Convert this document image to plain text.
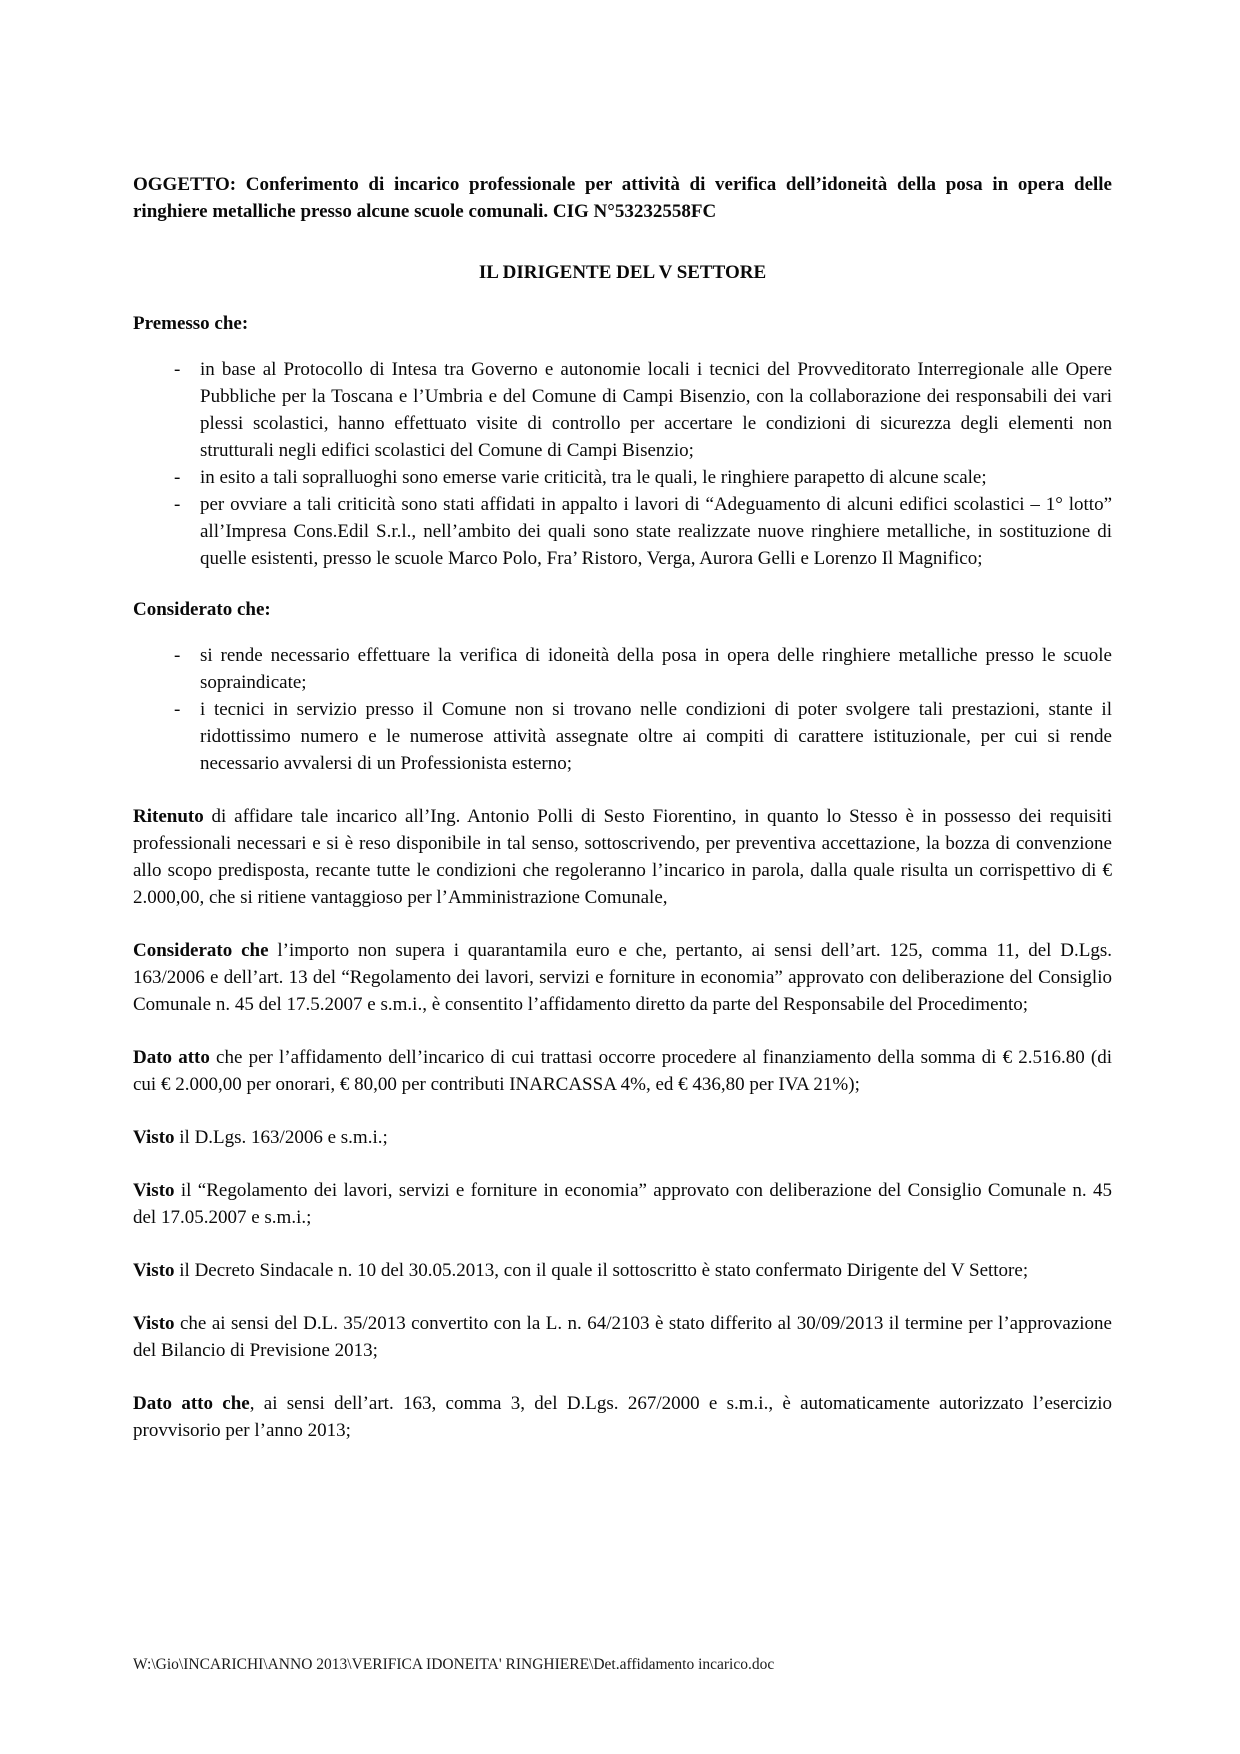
OGGETTO: Conferimento di incarico professionale per attività di verifica dell’idoneità della posa in opera delle ringhiere metalliche presso alcune scuole comunali. CIG N°53232558FC

IL DIRIGENTE DEL V SETTORE

Premesso che:

-	in base al Protocollo di Intesa tra Governo e autonomie locali i tecnici del Provveditorato Interregionale alle Opere Pubbliche per la Toscana e l’Umbria e del Comune di Campi Bisenzio, con la collaborazione dei responsabili dei vari plessi scolastici, hanno effettuato visite di controllo per accertare le condizioni di sicurezza degli elementi non strutturali negli edifici scolastici del Comune di Campi Bisenzio;
-	in esito a tali sopralluoghi sono emerse varie criticità, tra le quali, le ringhiere parapetto di alcune scale;
-	per ovviare a tali criticità sono stati affidati in appalto i lavori di “Adeguamento di alcuni edifici scolastici – 1° lotto” all’Impresa Cons.Edil S.r.l., nell’ambito dei quali sono state realizzate nuove ringhiere metalliche, in sostituzione di quelle esistenti, presso le scuole Marco Polo, Fra’ Ristoro, Verga, Aurora Gelli e Lorenzo Il Magnifico;

Considerato che:

-	si rende necessario effettuare la verifica di idoneità della posa in opera delle ringhiere metalliche presso le scuole sopraindicate;
-	i tecnici in servizio presso il Comune non si trovano nelle condizioni di poter svolgere tali prestazioni, stante il ridottissimo numero e le numerose attività assegnate oltre ai compiti di carattere istituzionale, per cui si rende necessario avvalersi di un Professionista esterno;

Ritenuto di affidare tale incarico all’Ing. Antonio Polli di Sesto Fiorentino, in quanto lo Stesso è in possesso dei requisiti professionali necessari e si è reso disponibile in tal senso, sottoscrivendo, per preventiva accettazione, la bozza di convenzione allo scopo predisposta, recante tutte le condizioni che regoleranno l’incarico in parola, dalla quale risulta un corrispettivo di € 2.000,00, che si ritiene vantaggioso per l’Amministrazione Comunale,

Considerato che l’importo non supera i quarantamila euro e che, pertanto, ai sensi dell’art. 125, comma 11, del D.Lgs. 163/2006 e dell’art. 13 del “Regolamento dei lavori, servizi e forniture in economia” approvato con deliberazione del Consiglio Comunale n. 45 del 17.5.2007 e s.m.i., è consentito l’affidamento diretto da parte del Responsabile del Procedimento;

Dato atto che per l’affidamento dell’incarico di cui trattasi occorre procedere al finanziamento della somma di € 2.516.80 (di cui € 2.000,00 per onorari, € 80,00 per contributi INARCASSA 4%, ed € 436,80 per IVA 21%);

Visto il D.Lgs. 163/2006 e s.m.i.;

Visto il “Regolamento dei lavori, servizi e forniture in economia” approvato con deliberazione del Consiglio Comunale n. 45 del 17.05.2007 e s.m.i.;

Visto il Decreto Sindacale n. 10 del 30.05.2013, con il quale il sottoscritto è stato confermato Dirigente del V Settore;

Visto che ai sensi del D.L. 35/2013 convertito con la L. n. 64/2103 è stato differito al 30/09/2013 il termine per l’approvazione del Bilancio di Previsione 2013;

Dato atto che, ai sensi dell’art. 163, comma 3, del D.Lgs. 267/2000 e s.m.i., è automaticamente autorizzato l’esercizio provvisorio per l’anno 2013;

W:\Gio\INCARICHI\ANNO 2013\VERIFICA IDONEITA' RINGHIERE\Det.affidamento incarico.doc
